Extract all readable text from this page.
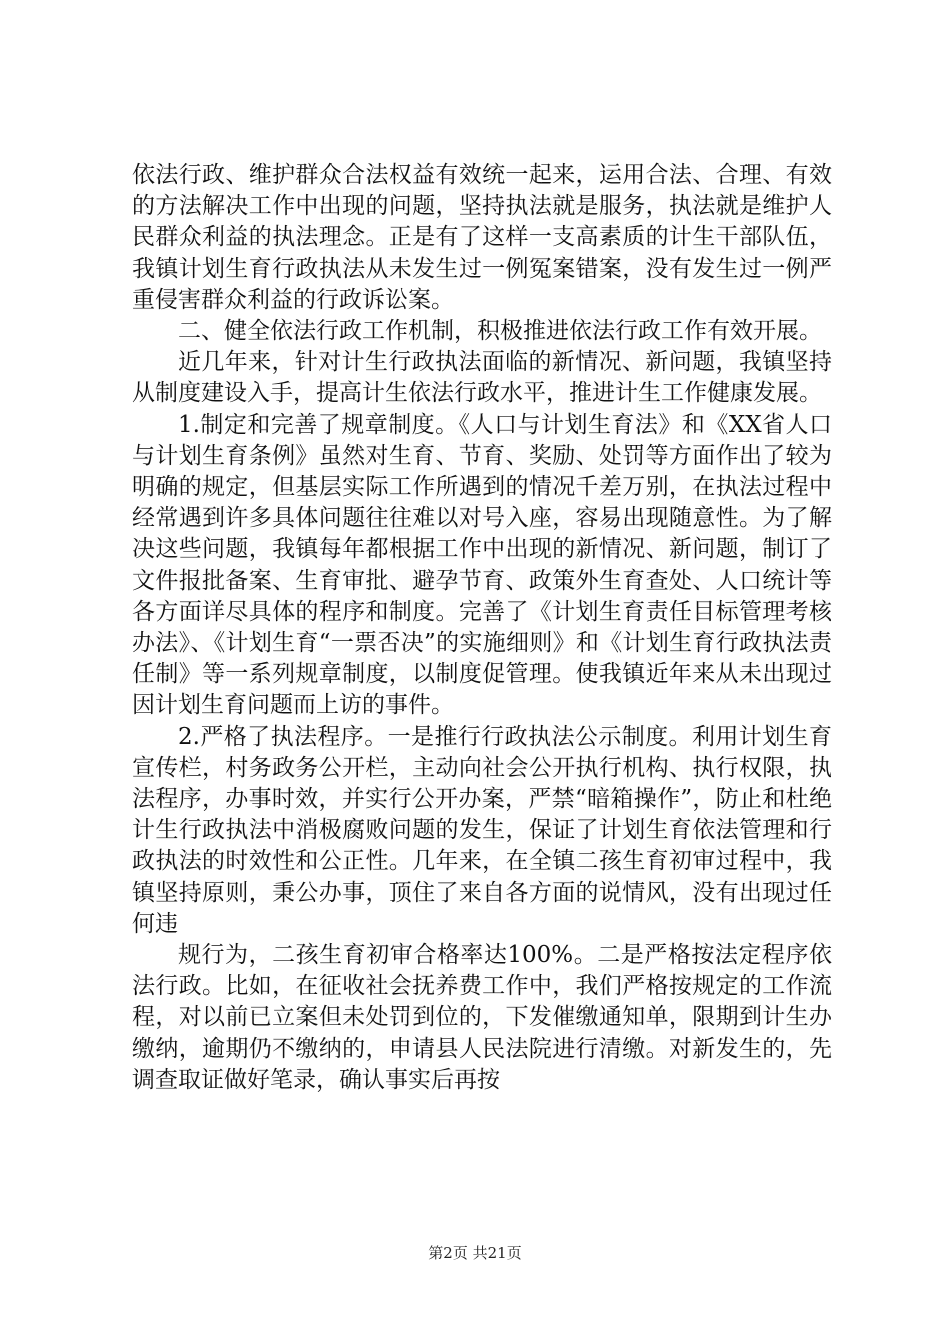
依法行政、维护群众合法权益有效统一起来，运用合法、合理、有效的方法解决工作中出现的问题，坚持执法就是服务，执法就是维护人民群众利益的执法理念。正是有了这样一支高素质的计生干部队伍，我镇计划生育行政执法从未发生过一例冤案错案，没有发生过一例严重侵害群众利益的行政诉讼案。

二、健全依法行政工作机制，积极推进依法行政工作有效开展。

近几年来，针对计生行政执法面临的新情况、新问题，我镇坚持从制度建设入手，提高计生依法行政水平，推进计生工作健康发展。

1.制定和完善了规章制度。《人口与计划生育法》和《XX省人口与计划生育条例》虽然对生育、节育、奖励、处罚等方面作出了较为明确的规定，但基层实际工作所遇到的情况千差万别，在执法过程中经常遇到许多具体问题往往难以对号入座，容易出现随意性。为了解决这些问题，我镇每年都根据工作中出现的新情况、新问题，制订了文件报批备案、生育审批、避孕节育、政策外生育查处、人口统计等各方面详尽具体的程序和制度。完善了《计划生育责任目标管理考核办法》、《计划生育“一票否决”的实施细则》和《计划生育行政执法责任制》等一系列规章制度，以制度促管理。使我镇近年来从未出现过因计划生育问题而上访的事件。

2.严格了执法程序。一是推行行政执法公示制度。利用计划生育宣传栏，村务政务公开栏，主动向社会公开执行机构、执行权限，执法程序，办事时效，并实行公开办案，严禁“暗箱操作”，防止和杜绝计生行政执法中消极腐败问题的发生，保证了计划生育依法管理和行政执法的时效性和公正性。几年来，在全镇二孩生育初审过程中，我镇坚持原则，秉公办事，顶住了来自各方面的说情风，没有出现过任何违

规行为，二孩生育初审合格率达100%。二是严格按法定程序依法行政。比如，在征收社会抚养费工作中，我们严格按规定的工作流程，对以前已立案但未处罚到位的，下发催缴通知单，限期到计生办缴纳，逾期仍不缴纳的，申请县人民法院进行清缴。对新发生的，先调查取证做好笔录，确认事实后再按

第2页 共21页
